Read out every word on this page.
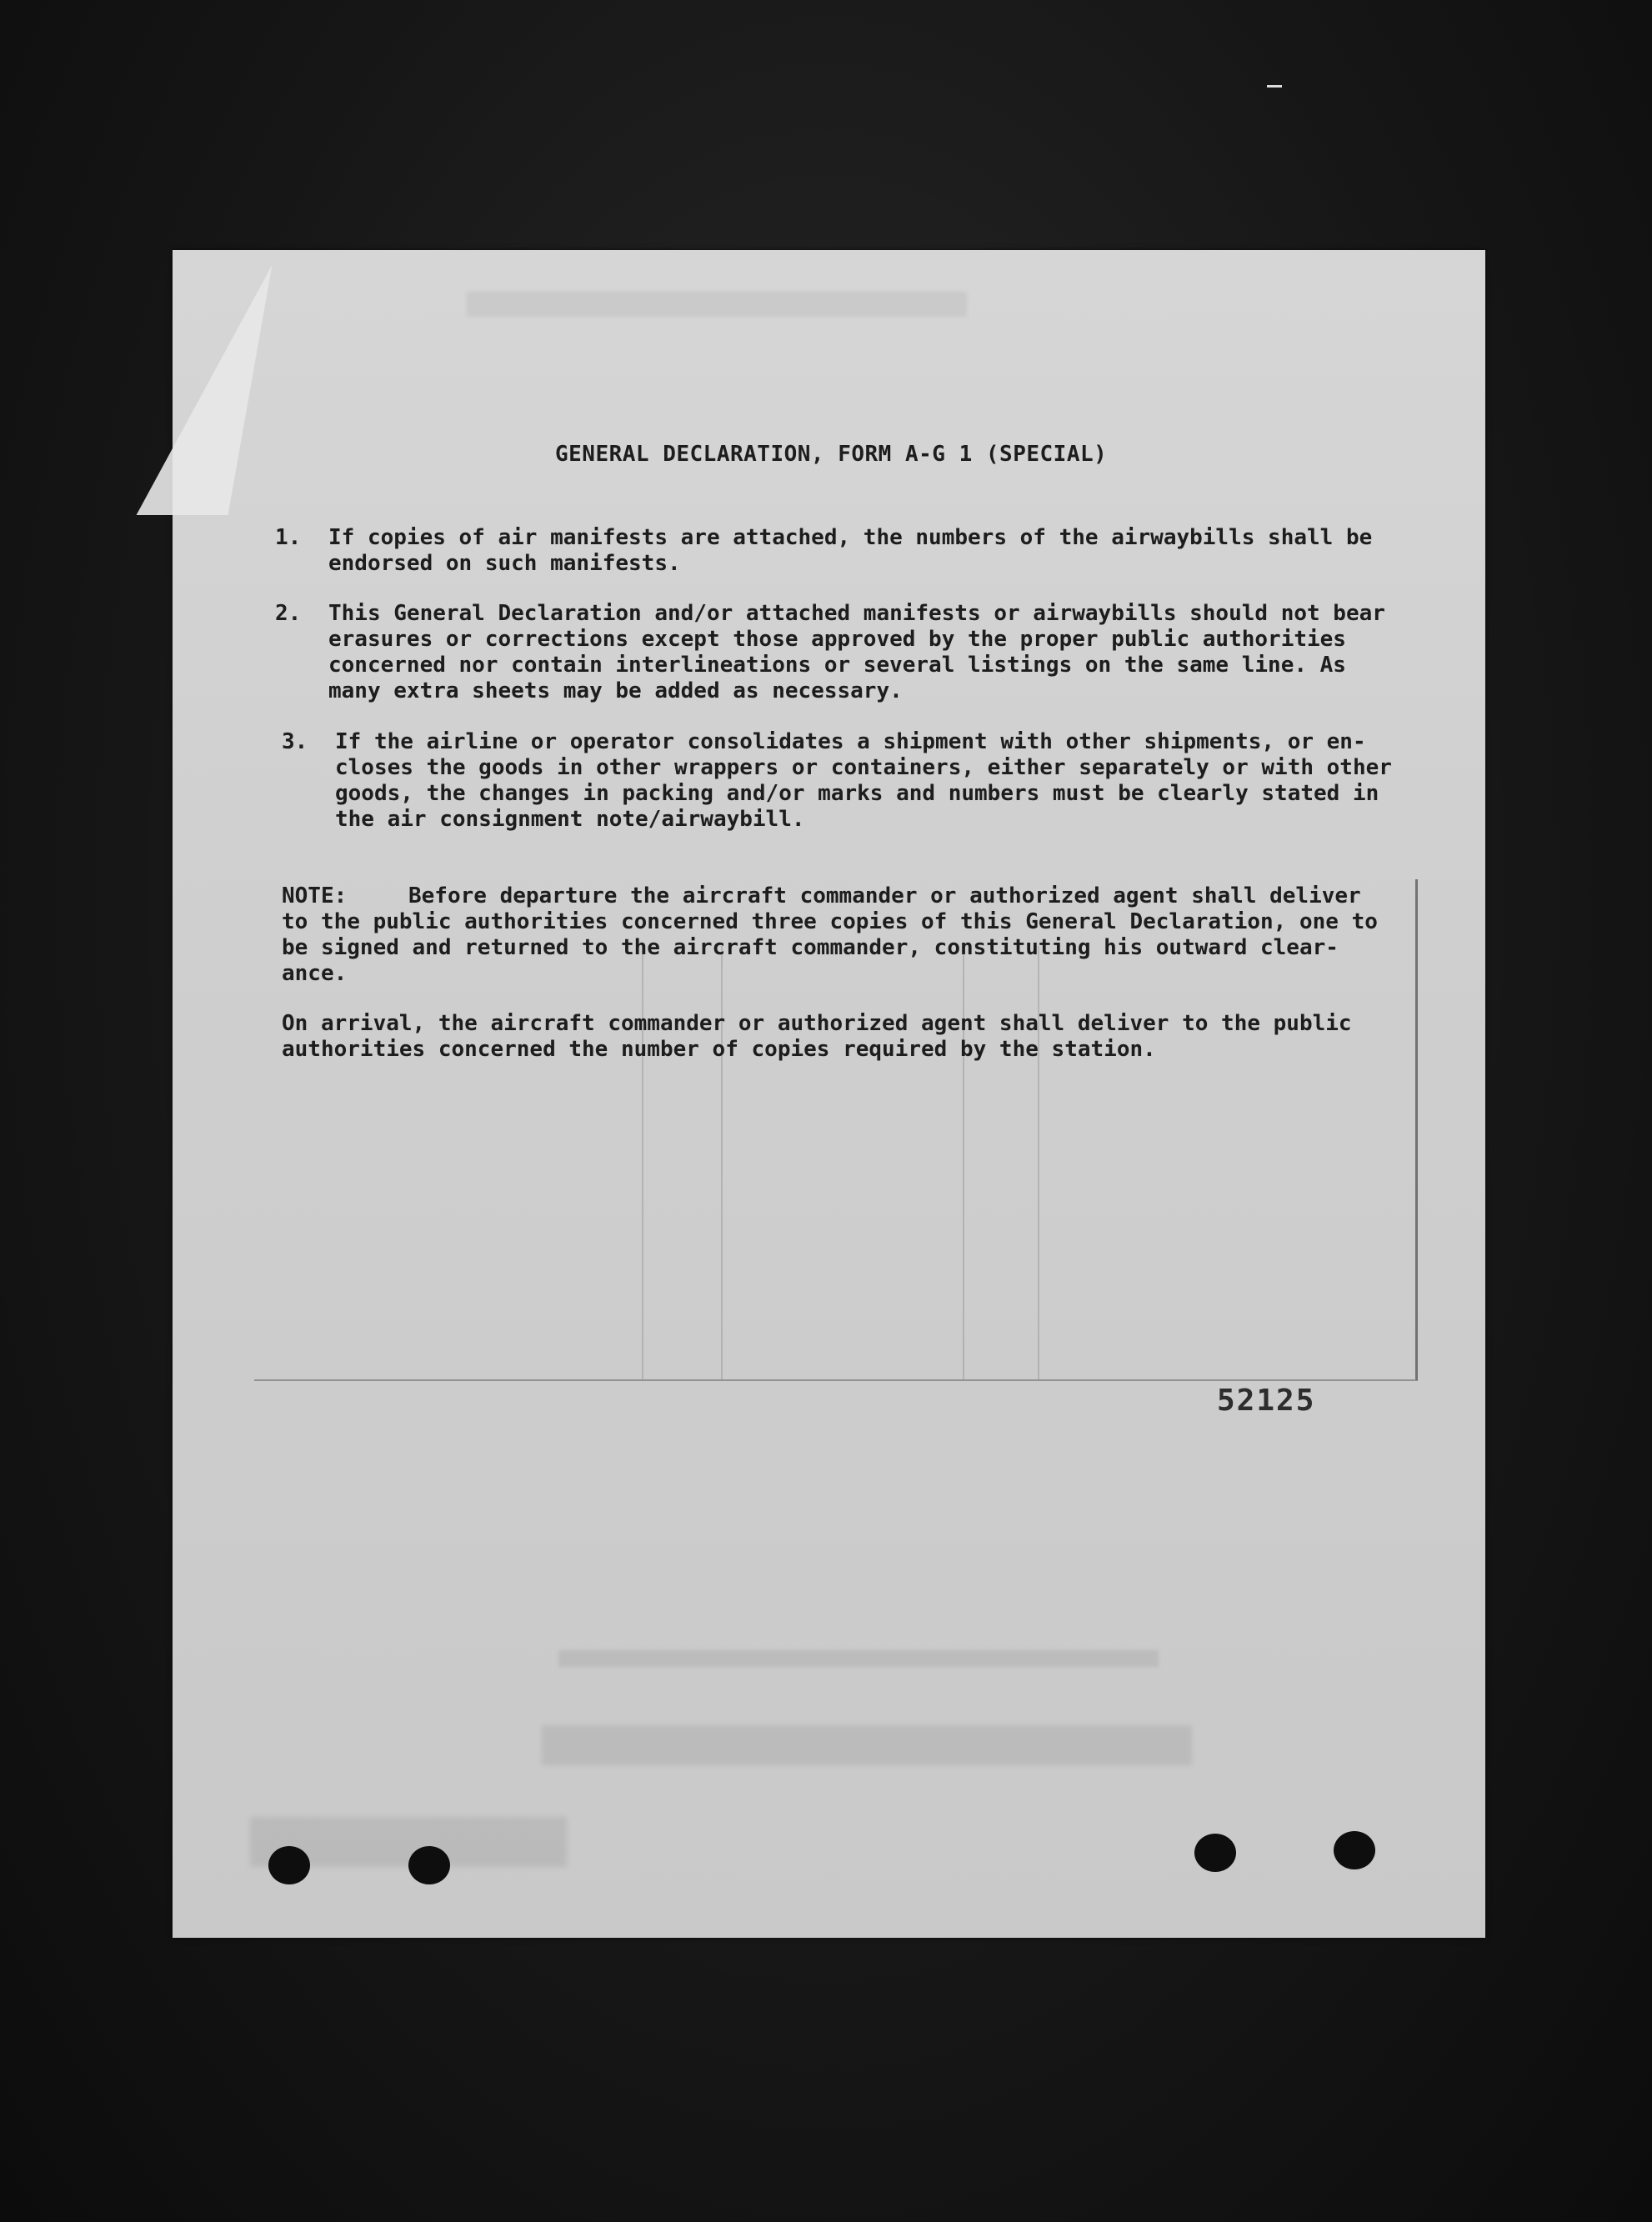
GENERAL DECLARATION, FORM A-G 1 (SPECIAL)
1. If copies of air manifests are attached, the numbers of the airwaybills shall be
endorsed on such manifests.
2. This General Declaration and/or attached manifests or airwaybills should not bear
erasures or corrections except those approved by the proper public authorities
concerned nor contain interlineations or several listings on the same line. As
many extra sheets may be added as necessary.
3. If the airline or operator consolidates a shipment with other shipments, or en-
closes the goods in other wrappers or containers, either separately or with other
goods, the changes in packing and/or marks and numbers must be clearly stated in
the air consignment note/airwaybill.
NOTE:	Before departure the aircraft commander or authorized agent shall deliver
to the public authorities concerned three copies of this General Declaration, one to
be signed and returned to the aircraft commander, constituting his outward clear-
ance.
On arrival, the aircraft commander or authorized agent shall deliver to the public
authorities concerned the number of copies required by the station.
52125
